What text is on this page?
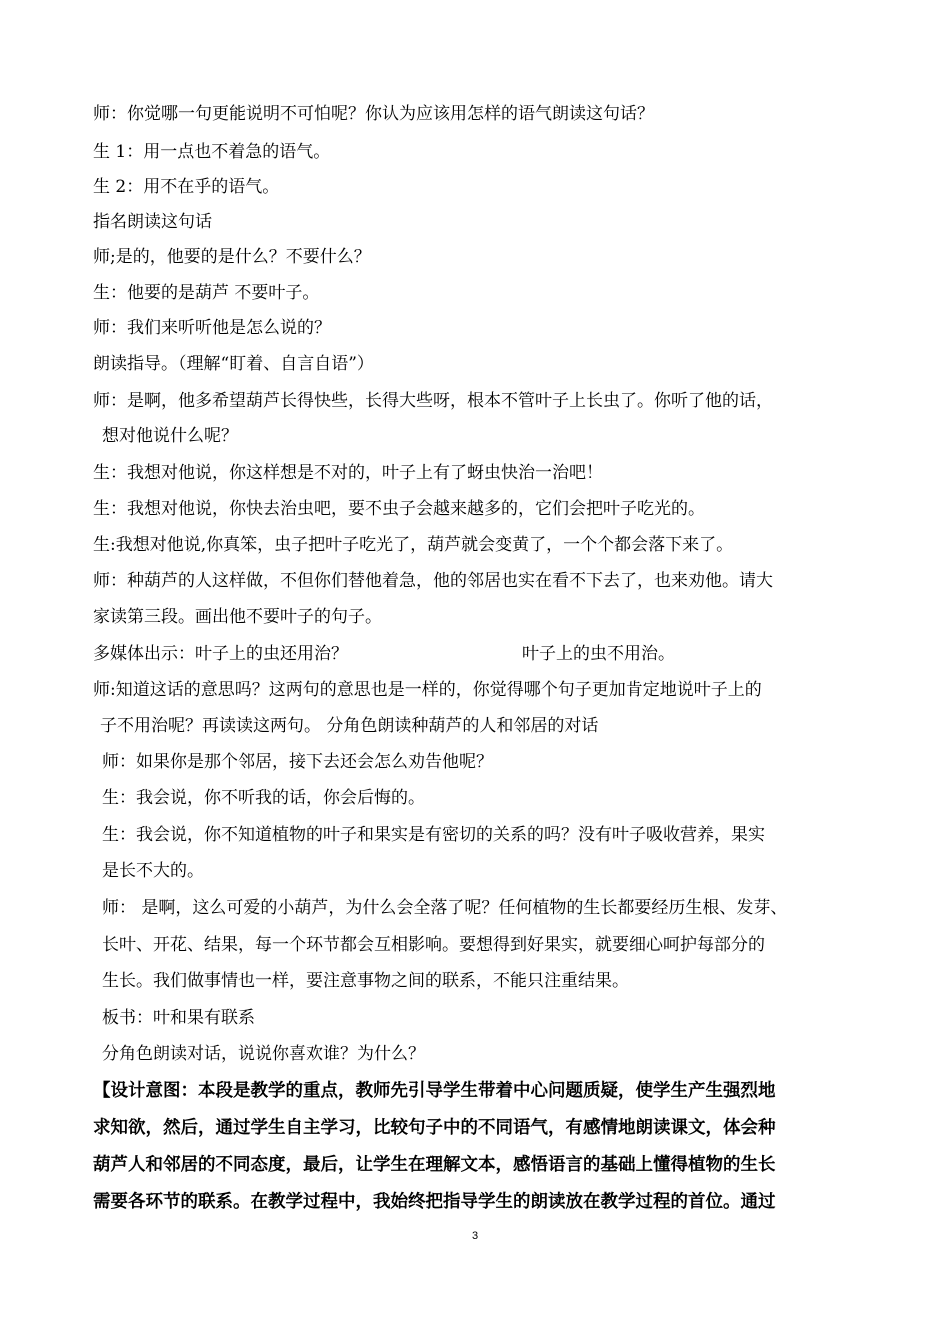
师：你觉哪一句更能说明不可怕呢？你认为应该用怎样的语气朗读这句话？
生 1：用一点也不着急的语气。
生 2：用不在乎的语气。
指名朗读这句话
师;是的，他要的是什么？不要什么？
生：他要的是葫芦 不要叶子。
师：我们来听听他是怎么说的？
朗读指导。（理解“盯着、自言自语”）
师：是啊，他多希望葫芦长得快些，长得大些呀，根本不管叶子上长虫了。你听了他的话，
想对他说什么呢？
生：我想对他说，你这样想是不对的，叶子上有了蚜虫快治一治吧！
生：我想对他说，你快去治虫吧，要不虫子会越来越多的，它们会把叶子吃光的。
生:我想对他说,你真笨，虫子把叶子吃光了，葫芦就会变黄了，一个个都会落下来了。
师：种葫芦的人这样做，不但你们替他着急，他的邻居也实在看不下去了，也来劝他。请大
家读第三段。画出他不要叶子的句子。
多媒体出示：叶子上的虫还用治？	叶子上的虫不用治。
师:知道这话的意思吗？这两句的意思也是一样的，你觉得哪个句子更加肯定地说叶子上的
子不用治呢？再读读这两句。 分角色朗读种葫芦的人和邻居的对话
师：如果你是那个邻居，接下去还会怎么劝告他呢？
生：我会说，你不听我的话，你会后悔的。
生：我会说，你不知道植物的叶子和果实是有密切的关系的吗？没有叶子吸收营养，果实
是长不大的。
师： 是啊，这么可爱的小葫芦，为什么会全落了呢？任何植物的生长都要经历生根、发芽、
长叶、开花、结果，每一个环节都会互相影响。要想得到好果实，就要细心呵护每部分的
生长。我们做事情也一样，要注意事物之间的联系，不能只注重结果。
板书：叶和果有联系
分角色朗读对话，说说你喜欢谁？为什么？
【设计意图：本段是教学的重点，教师先引导学生带着中心问题质疑，使学生产生强烈地
求知欲，然后，通过学生自主学习，比较句子中的不同语气，有感情地朗读课文，体会种
葫芦人和邻居的不同态度，最后，让学生在理解文本，感悟语言的基础上懂得植物的生长
需要各环节的联系。在教学过程中，我始终把指导学生的朗读放在教学过程的首位。通过
3
